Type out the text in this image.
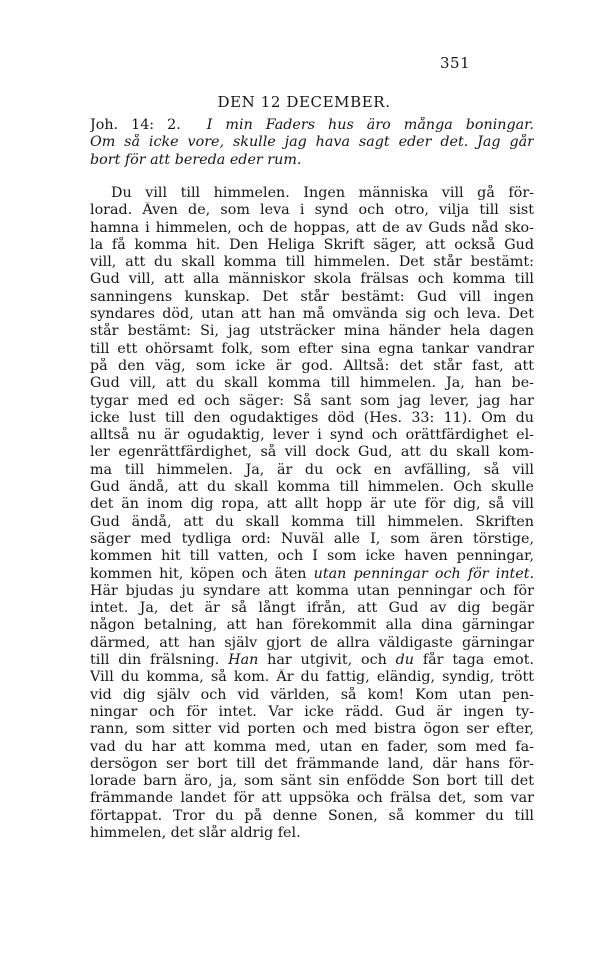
351
DEN 12 DECEMBER.
Joh. 14: 2. I min Faders hus äro många boningar.
Om så icke vore, skulle jag hava sagt eder det. Jag går
bort för att bereda eder rum.
Du vill till himmelen. Ingen människa vill gå för-
lorad. Även de, som leva i synd och otro, vilja till sist
hamna i himmelen, och de hoppas, att de av Guds nåd sko-
la få komma hit. Den Heliga Skrift säger, att också Gud
vill, att du skall komma till himmelen. Det står bestämt:
Gud vill, att alla människor skola frälsas och komma till
sanningens kunskap. Det står bestämt: Gud vill ingen
syndares död, utan att han må omvända sig och leva. Det
står bestämt: Si, jag utsträcker mina händer hela dagen
till ett ohörsamt folk, som efter sina egna tankar vandrar
på den väg, som icke är god. Alltså: det står fast, att
Gud vill, att du skall komma till himmelen. Ja, han be-
tygar med ed och säger: Så sant som jag lever, jag har
icke lust till den ogudaktiges död (Hes. 33: 11). Om du
alltså nu är ogudaktig, lever i synd och orättfärdighet el-
ler egenrättfärdighet, så vill dock Gud, att du skall kom-
ma till himmelen. Ja, är du ock en avfälling, så vill
Gud ändå, att du skall komma till himmelen. Och skulle
det än inom dig ropa, att allt hopp är ute för dig, så vill
Gud ändå, att du skall komma till himmelen. Skriften
säger med tydliga ord: Nuväl alle I, som ären törstige,
kommen hit till vatten, och I som icke haven penningar,
kommen hit, köpen och äten utan penningar och för intet.
Här bjudas ju syndare att komma utan penningar och för
intet. Ja, det är så långt ifrån, att Gud av dig begär
någon betalning, att han förekommit alla dina gärningar
därmed, att han själv gjort de allra väldigaste gärningar
till din frälsning. Han har utgivit, och du får taga emot.
Vill du komma, så kom. Är du fattig, eländig, syndig, trött
vid dig själv och vid världen, så kom! Kom utan pen-
ningar och för intet. Var icke rädd. Gud är ingen ty-
rann, som sitter vid porten och med bistra ögon ser efter,
vad du har att komma med, utan en fader, som med fa-
dersögon ser bort till det främmande land, där hans för-
lorade barn äro, ja, som sänt sin enfödde Son bort till det
främmande landet för att uppsöka och frälsa det, som var
förtappat. Tror du på denne Sonen, så kommer du till
himmelen, det slår aldrig fel.
